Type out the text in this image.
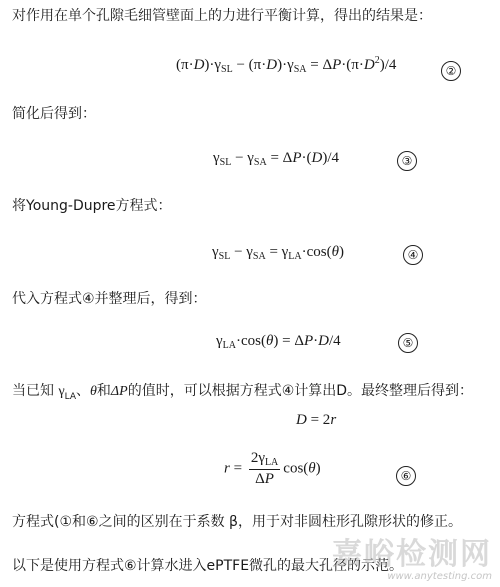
对作用在单个孔隙毛细管壁面上的力进行平衡计算，得出的结果是：
$(\pi\cdot D)\cdot\gamma_{SL} - (\pi\cdot D)\cdot\gamma_{SA} = \Delta P\cdot(\pi\cdot D^2)/4$	②
简化后得到：
$\gamma_{SL} - \gamma_{SA} = \Delta P\cdot(D)/4$	③
将Young-Dupre方程式：
$\gamma_{SL} - \gamma_{SA} = \gamma_{LA}\cdot\cos(\theta)$	④
代入方程式④并整理后，得到：
$\gamma_{LA}\cdot\cos(\theta) = \Delta P\cdot D/4$	⑤
当已知 $\gamma_{LA}$、θ和ΔP的值时，可以根据方程式④计算出D。最终整理后得到：
D = 2r
$r = \frac{2\gamma_{LA}}{\Delta P} \cos(\theta)$	⑥
方程式(①和⑥之间的区别在于系数 β，用于对非圆柱形孔隙形状的修正。
以下是使用方程式⑥计算水进入ePTFE微孔的最大孔径的示范。
嘉峪检测网
www.anytesting.com
